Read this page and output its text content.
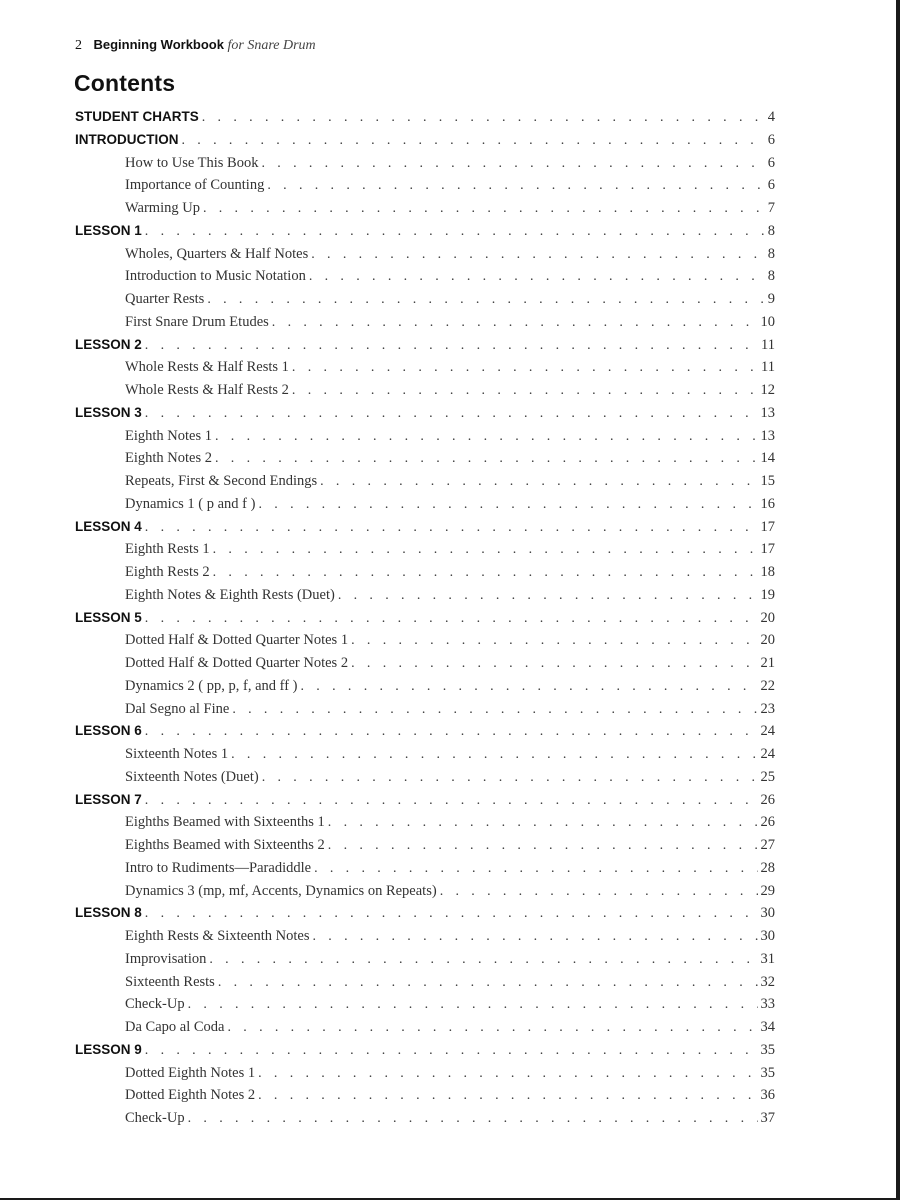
2 Beginning Workbook for Snare Drum
Contents
STUDENT CHARTS . . .	4
INTRODUCTION . . .	6
How to Use This Book . . .	6
Importance of Counting . . .	6
Warming Up . . .	7
LESSON 1 . . .	8
Wholes, Quarters & Half Notes . . .	8
Introduction to Music Notation . . .	8
Quarter Rests . . .	9
First Snare Drum Etudes . . .	10
LESSON 2 . . .	11
Whole Rests & Half Rests 1 . . .	11
Whole Rests & Half Rests 2 . . .	12
LESSON 3 . . .	13
Eighth Notes 1 . . .	13
Eighth Notes 2 . . .	14
Repeats, First & Second Endings . . .	15
Dynamics 1 ( p and f ) . . .	16
LESSON 4 . . .	17
Eighth Rests 1 . . .	17
Eighth Rests 2 . . .	18
Eighth Notes & Eighth Rests (Duet) . . .	19
LESSON 5 . . .	20
Dotted Half & Dotted Quarter Notes 1 . . .	20
Dotted Half & Dotted Quarter Notes 2 . . .	21
Dynamics 2 ( pp, p, f, and ff ) . . .	22
Dal Segno al Fine . . .	23
LESSON 6 . . .	24
Sixteenth Notes 1 . . .	24
Sixteenth Notes (Duet) . . .	25
LESSON 7 . . .	26
Eighths Beamed with Sixteenths 1 . . .	26
Eighths Beamed with Sixteenths 2 . . .	27
Intro to Rudiments—Paradiddle . . .	28
Dynamics 3 (mp, mf, Accents, Dynamics on Repeats) . . .	29
LESSON 8 . . .	30
Eighth Rests & Sixteenth Notes . . .	30
Improvisation . . .	31
Sixteenth Rests . . .	32
Check-Up . . .	33
Da Capo al Coda . . .	34
LESSON 9 . . .	35
Dotted Eighth Notes 1 . . .	35
Dotted Eighth Notes 2 . . .	36
Check-Up . . .	37
